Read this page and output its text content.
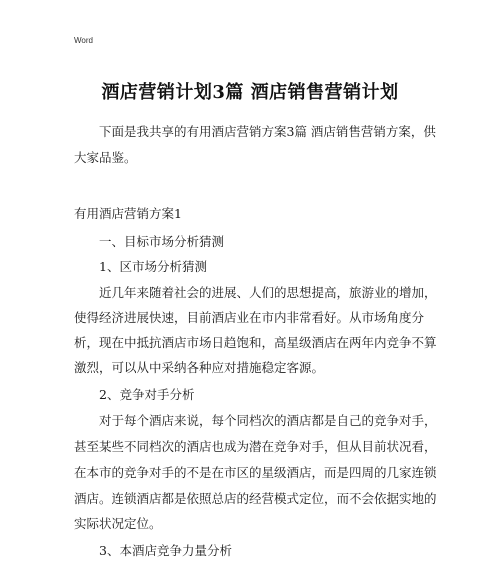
Word
酒店营销计划3篇 酒店销售营销计划
下面是我共享的有用酒店营销方案3篇 酒店销售营销方案，供
大家品鉴。
有用酒店营销方案1
一、目标市场分析猜测
1、区市场分析猜测
近几年来随着社会的进展、人们的思想提高，旅游业的增加，
使得经济进展快速，目前酒店业在市内非常看好。从市场角度分
析，现在中抵抗酒店市场日趋饱和，高星级酒店在两年内竞争不算
激烈，可以从中采纳各种应对措施稳定客源。
2、竞争对手分析
对于每个酒店来说，每个同档次的酒店都是自己的竞争对手，
甚至某些不同档次的酒店也成为潜在竞争对手，但从目前状况看，
在本市的竞争对手的不是在市区的星级酒店，而是四周的几家连锁
酒店。连锁酒店都是依照总店的经营模式定位，而不会依据实地的
实际状况定位。
3、本酒店竞争力量分析
